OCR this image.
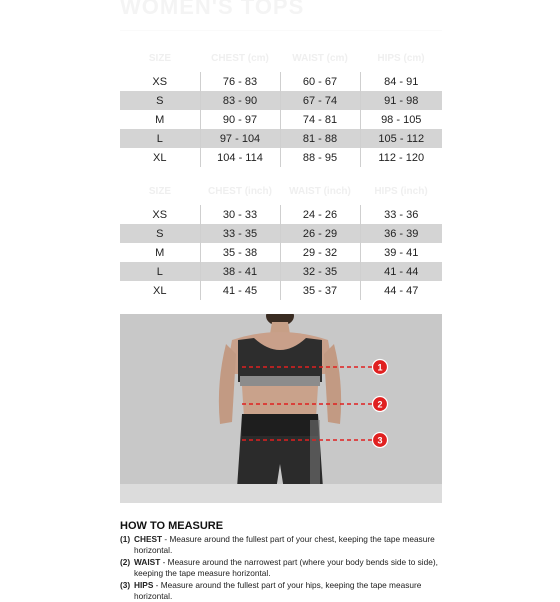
WOMEN'S TOPS
SIZE	CHEST (cm)	WAIST (cm)	HIPS (cm)
XS	76 - 83	60 - 67	84 - 91
S	83 - 90	67 - 74	91 - 98
M	90 - 97	74 - 81	98 - 105
L	97 - 104	81 - 88	105 - 112
XL	104 - 114	88 - 95	112 - 120
SIZE	CHEST (inch)	WAIST (inch)	HIPS (inch)
XS	30 - 33	24 - 26	33 - 36
S	33 - 35	26 - 29	36 - 39
M	35 - 38	29 - 32	39 - 41
L	38 - 41	32 - 35	41 - 44
XL	41 - 45	35 - 37	44 - 47
1
2
3
HOW TO MEASURE

(1) CHEST - Measure around the fullest part of your chest, keeping the tape measure horizontal.

(2) WAIST - Measure around the narrowest part (where your body bends side to side), keeping the tape measure horizontal.

(3) HIPS - Measure around the fullest part of your hips, keeping the tape measure horizontal.
